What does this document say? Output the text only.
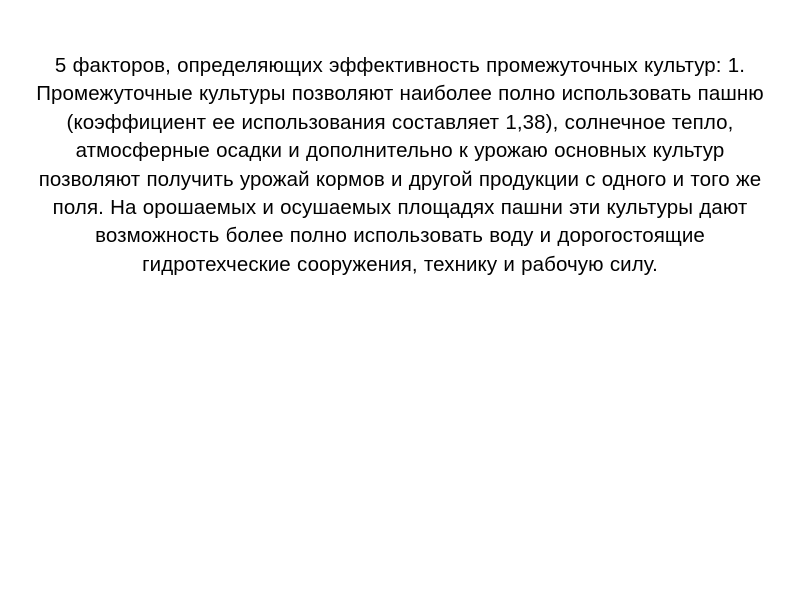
5 факторов, определяющих эффективность промежуточных культур: 1. Промежуточные культуры позволяют наиболее полно использовать пашню (коэффициент ее использования составляет 1,38), солнечное тепло, атмосферные осадки и дополнительно к урожаю основных культур позволяют получить урожай кормов и другой продукции с одного и того же поля. На орошаемых и осушаемых площадях пашни эти культуры дают возможность более полно использовать воду и дорогостоящие гидротехческие сооружения, технику и рабочую силу.
